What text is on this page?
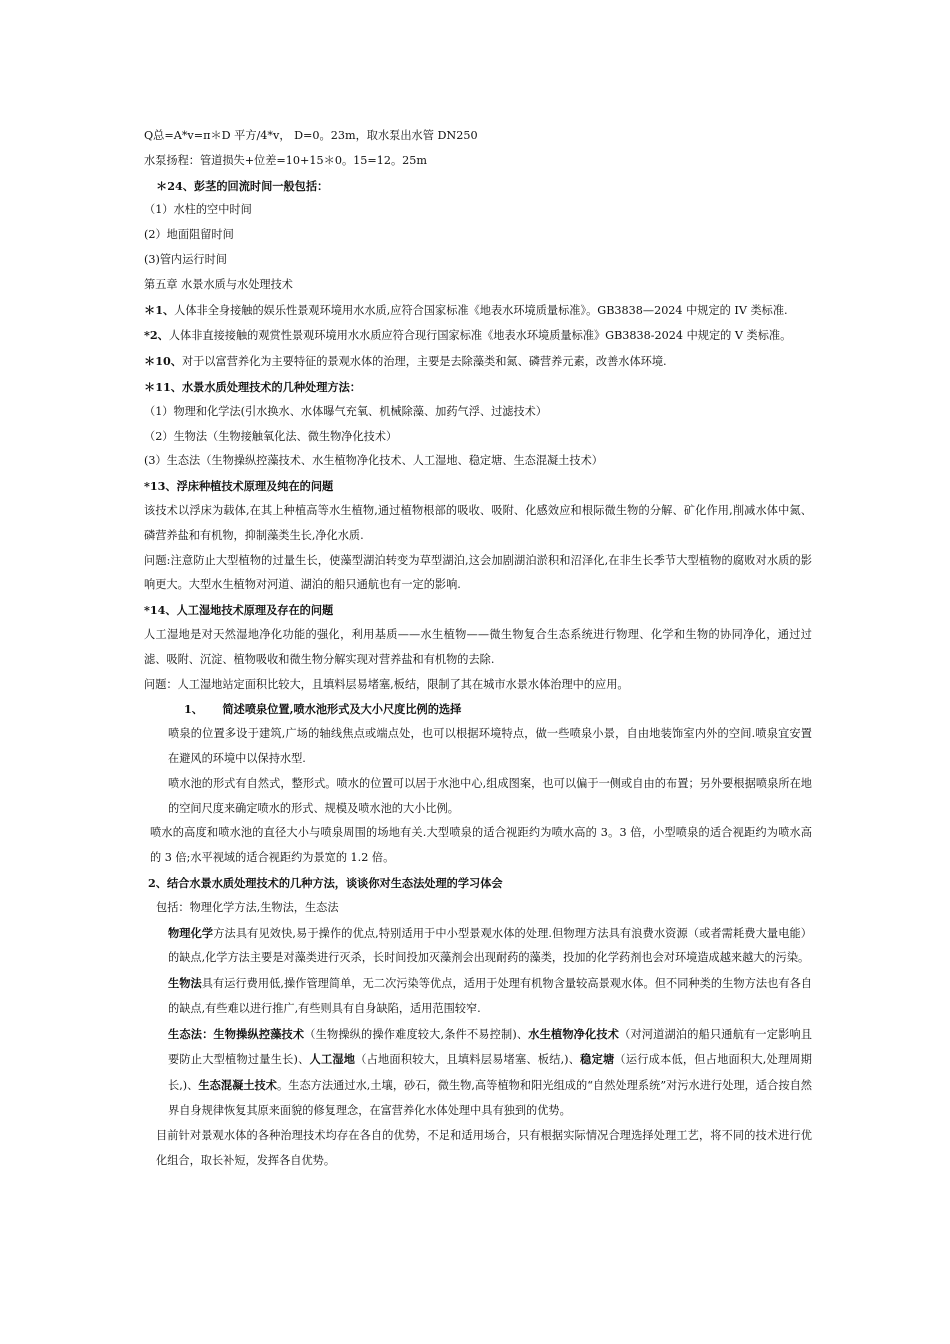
Q总=A*v=π＊D 平方/4*v， D=0。23m，取水泵出水管 DN250
水泵扬程：管道损失+位差=10+15＊0。15=12。25m
＊24、彭茎的回流时间一般包括：
（1）水柱的空中时间
(2）地面阻留时间
(3)管内运行时间
第五章 水景水质与水处理技术
＊1、人体非全身接触的娱乐性景观环境用水水质,应符合国家标准《地表水环境质量标准》。GB3838—2024 中规定的 IV 类标准.
*2、人体非直接接触的观赏性景观环境用水水质应符合现行国家标准《地表水环境质量标准》GB3838-2024 中规定的 V 类标准。
＊10、对于以富营养化为主要特征的景观水体的治理，主要是去除藻类和氮、磷营养元素，改善水体环境.
＊11、水景水质处理技术的几种处理方法：
（1）物理和化学法(引水换水、水体曝气充氧、机械除藻、加药气浮、过滤技术）
（2）生物法（生物接触氧化法、微生物净化技术）
(3）生态法（生物操纵控藻技术、水生植物净化技术、人工湿地、稳定塘、生态混凝土技术）
*13、浮床种植技术原理及纯在的问题
该技术以浮床为载体,在其上种植高等水生植物,通过植物根部的吸收、吸附、化感效应和根际微生物的分解、矿化作用,削减水体中氮、磷营养盐和有机物，抑制藻类生长,净化水质.
问题:注意防止大型植物的过量生长，使藻型湖泊转变为草型湖泊,这会加剧湖泊淤积和沼泽化,在非生长季节大型植物的腐败对水质的影响更大。大型水生植物对河道、湖泊的船只通航也有一定的影响.
*14、人工湿地技术原理及存在的问题
人工湿地是对天然湿地净化功能的强化，利用基质——水生植物——微生物复合生态系统进行物理、化学和生物的协同净化，通过过滤、吸附、沉淀、植物吸收和微生物分解实现对营养盐和有机物的去除.
问题：人工湿地站定面积比较大，且填料层易堵塞,板结，限制了其在城市水景水体治理中的应用。
1、 简述喷泉位置,喷水池形式及大小尺度比例的选择
喷泉的位置多设于建筑,广场的轴线焦点或端点处，也可以根据环境特点，做一些喷泉小景，自由地装饰室内外的空间.喷泉宜安置在避风的环境中以保持水型.
喷水池的形式有自然式，整形式。喷水的位置可以居于水池中心,组成图案，也可以偏于一侧或自由的布置；另外要根据喷泉所在地的空间尺度来确定喷水的形式、规模及喷水池的大小比例。
喷水的高度和喷水池的直径大小与喷泉周围的场地有关.大型喷泉的适合视距约为喷水高的 3。3 倍，小型喷泉的适合视距约为喷水高的 3 倍;水平视域的适合视距约为景宽的 1.2 倍。
2、结合水景水质处理技术的几种方法，谈谈你对生态法处理的学习体会
包括：物理化学方法,生物法，生态法
物理化学方法具有见效快,易于操作的优点,特别适用于中小型景观水体的处理.但物理方法具有浪费水资源（或者需耗费大量电能）的缺点,化学方法主要是对藻类进行灭杀，长时间投加灭藻剂会出现耐药的藻类，投加的化学药剂也会对环境造成越来越大的污染。
生物法具有运行费用低,操作管理简单，无二次污染等优点，适用于处理有机物含量较高景观水体。但不同种类的生物方法也有各自的缺点,有些难以进行推广,有些则具有自身缺陷，适用范围较窄.
生态法：生物操纵控藻技术（生物操纵的操作难度较大,条件不易控制)、水生植物净化技术（对河道湖泊的船只通航有一定影响且要防止大型植物过量生长)、人工湿地（占地面积较大，且填料层易堵塞、板结,)、稳定塘（运行成本低，但占地面积大,处理周期长,)、生态混凝土技术。生态方法通过水,土壤，砂石，微生物,高等植物和阳光组成的“自然处理系统”对污水进行处理，适合按自然界自身规律恢复其原来面貌的修复理念，在富营养化水体处理中具有独到的优势。
目前针对景观水体的各种治理技术均存在各自的优势，不足和适用场合，只有根据实际情况合理选择处理工艺，将不同的技术进行优化组合，取长补短，发挥各自优势。
